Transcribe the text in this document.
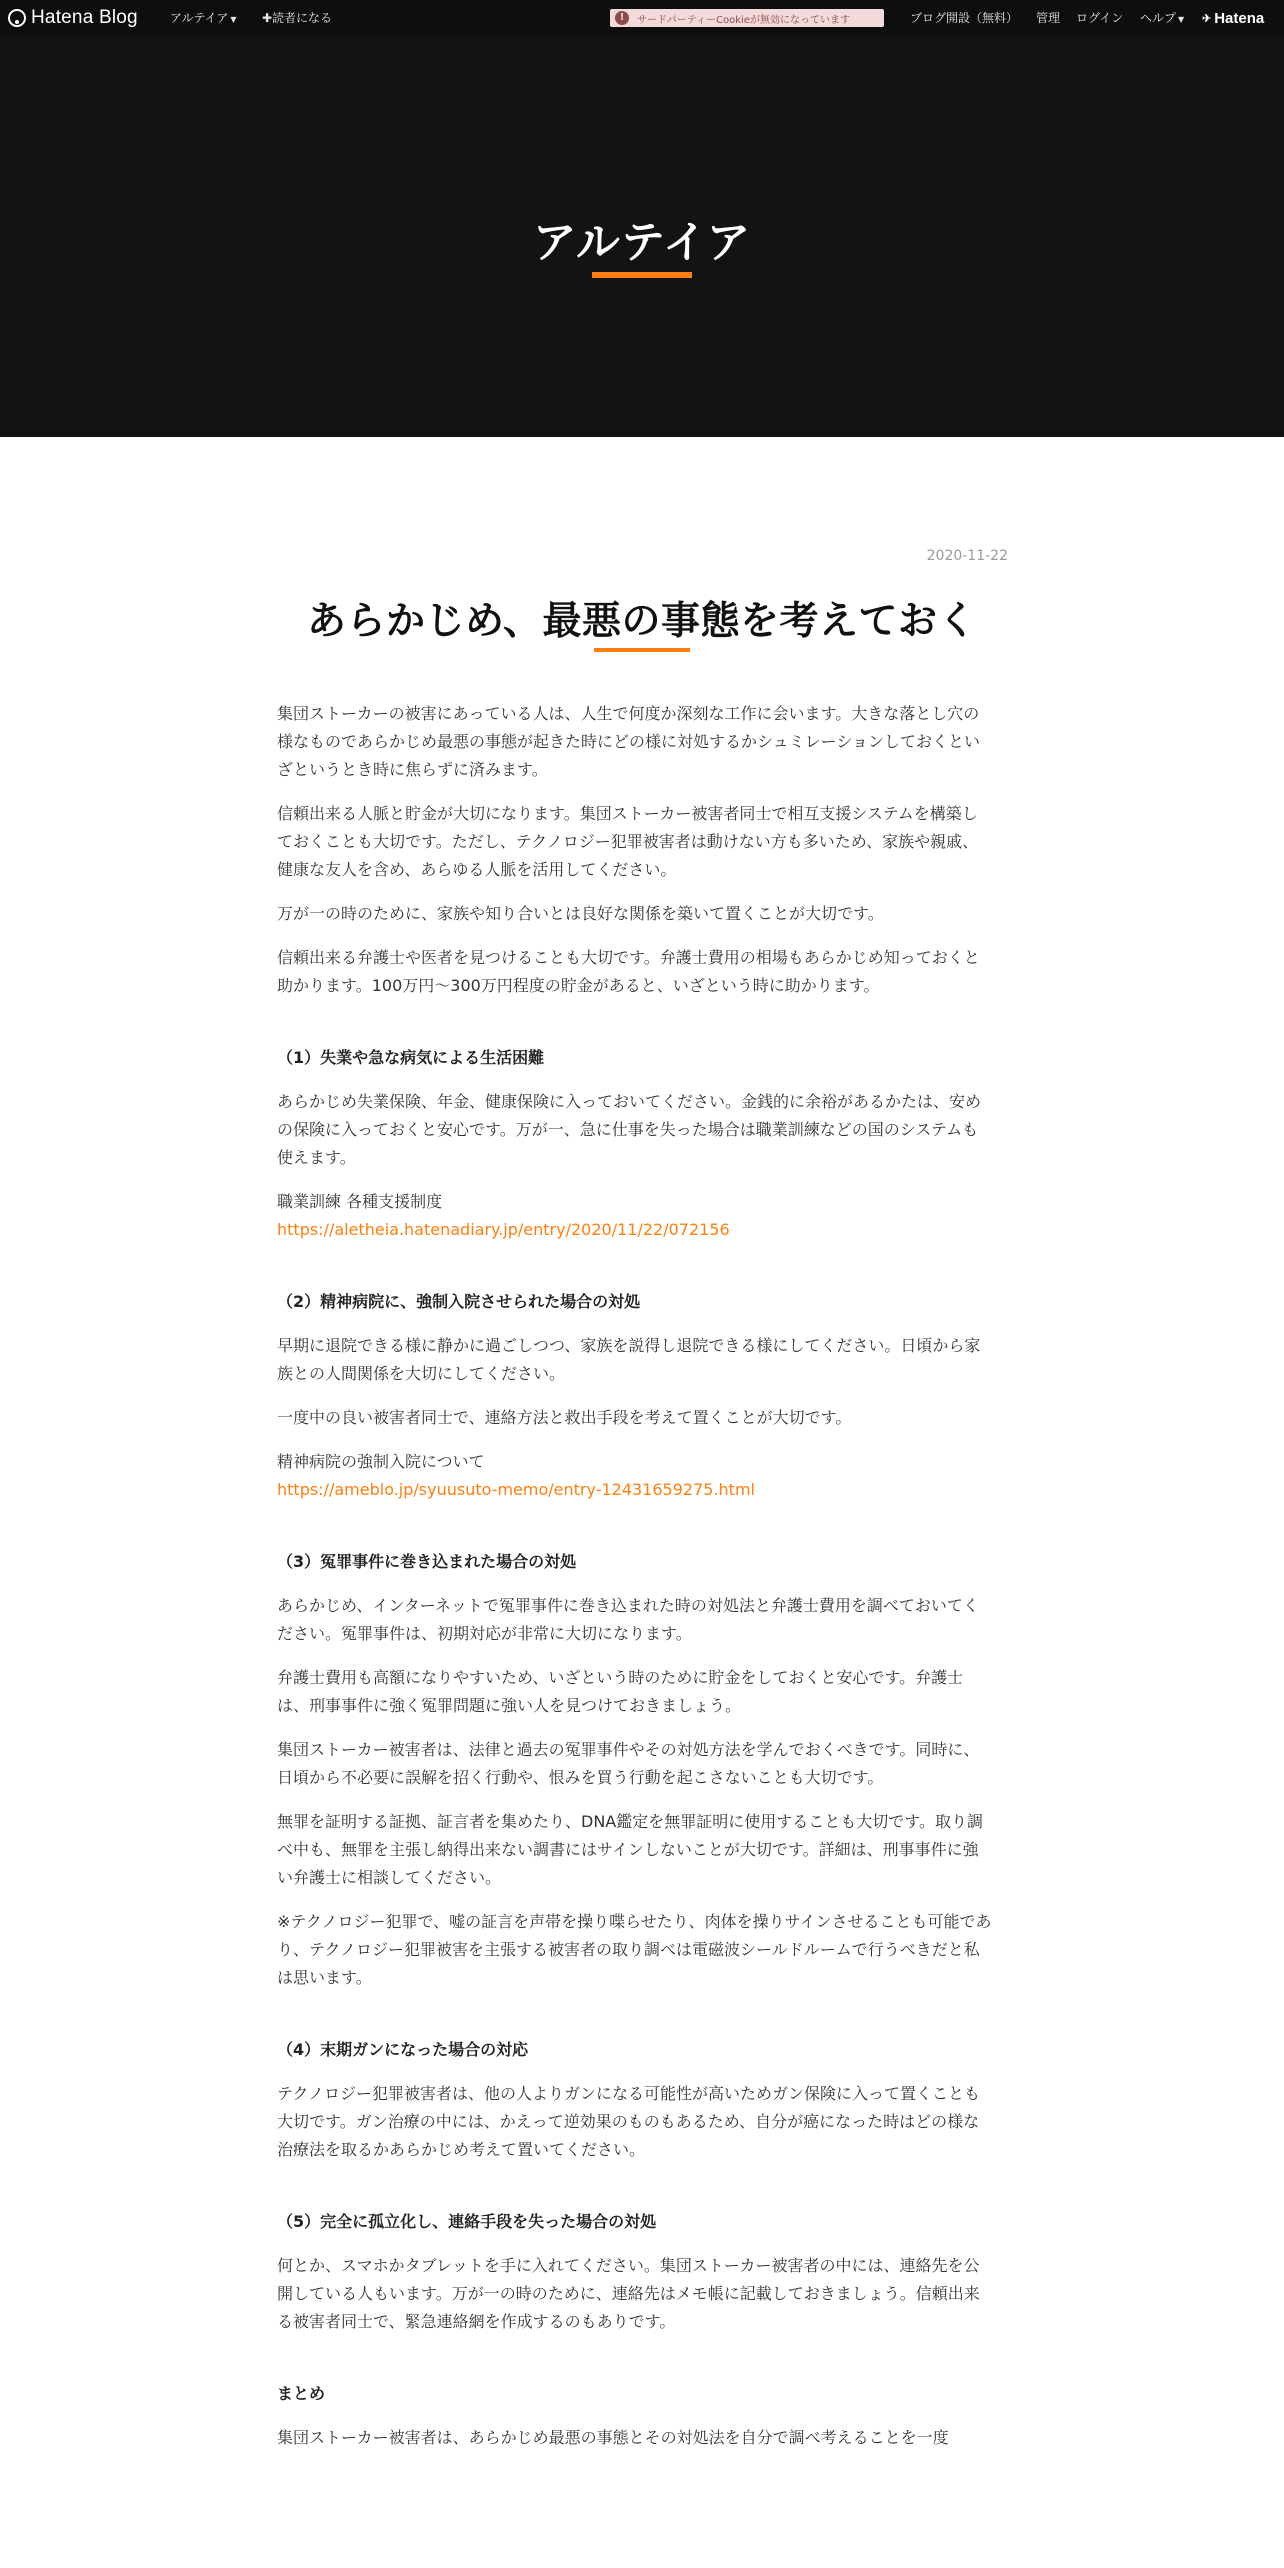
Hatena Blog	アルテイア ▼ ✚読者になる	!	サードパーティーCookieが無効になっています	ブログ開設（無料） 管理 ログイン ヘルプ ▼ ✈ Hatena
アルテイア
2020-11-22
あらかじめ、最悪の事態を考えておく

集団ストーカーの被害にあっている人は、人生で何度か深刻な工作に会います。大きな落とし穴の様なものであらかじめ最悪の事態が起きた時にどの様に対処するかシュミレーションしておくといざというとき時に焦らずに済みます。

信頼出来る人脈と貯金が大切になります。集団ストーカー被害者同士で相互支援システムを構築しておくことも大切です。ただし、テクノロジー犯罪被害者は動けない方も多いため、家族や親戚、健康な友人を含め、あらゆる人脈を活用してください。

万が一の時のために、家族や知り合いとは良好な関係を築いて置くことが大切です。

信頼出来る弁護士や医者を見つけることも大切です。弁護士費用の相場もあらかじめ知っておくと助かります。100万円～300万円程度の貯金があると、いざという時に助かります。

（1）失業や急な病気による生活困難

あらかじめ失業保険、年金、健康保険に入っておいてください。金銭的に余裕があるかたは、安めの保険に入っておくと安心です。万が一、急に仕事を失った場合は職業訓練などの国のシステムも使えます。

職業訓練 各種支援制度
https://aletheia.hatenadiary.jp/entry/2020/11/22/072156

（2）精神病院に、強制入院させられた場合の対処

早期に退院できる様に静かに過ごしつつ、家族を説得し退院できる様にしてください。日頃から家族との人間関係を大切にしてください。

一度中の良い被害者同士で、連絡方法と救出手段を考えて置くことが大切です。

精神病院の強制入院について
https://ameblo.jp/syuusuto-memo/entry-12431659275.html

（3）冤罪事件に巻き込まれた場合の対処

あらかじめ、インターネットで冤罪事件に巻き込まれた時の対処法と弁護士費用を調べておいてください。冤罪事件は、初期対応が非常に大切になります。

弁護士費用も高額になりやすいため、いざという時のために貯金をしておくと安心です。弁護士は、刑事事件に強く冤罪問題に強い人を見つけておきましょう。

集団ストーカー被害者は、法律と過去の冤罪事件やその対処方法を学んでおくべきです。同時に、日頃から不必要に誤解を招く行動や、恨みを買う行動を起こさないことも大切です。

無罪を証明する証拠、証言者を集めたり、DNA鑑定を無罪証明に使用することも大切です。取り調べ中も、無罪を主張し納得出来ない調書にはサインしないことが大切です。詳細は、刑事事件に強い弁護士に相談してください。

※テクノロジー犯罪で、嘘の証言を声帯を操り喋らせたり、肉体を操りサインさせることも可能であり、テクノロジー犯罪被害を主張する被害者の取り調べは電磁波シールドルームで行うべきだと私は思います。

（4）末期ガンになった場合の対応

テクノロジー犯罪被害者は、他の人よりガンになる可能性が高いためガン保険に入って置くことも大切です。ガン治療の中には、かえって逆効果のものもあるため、自分が癌になった時はどの様な治療法を取るかあらかじめ考えて置いてください。

（5）完全に孤立化し、連絡手段を失った場合の対処

何とか、スマホかタブレットを手に入れてください。集団ストーカー被害者の中には、連絡先を公開している人もいます。万が一の時のために、連絡先はメモ帳に記載しておきましょう。信頼出来る被害者同士で、緊急連絡網を作成するのもありです。

まとめ

集団ストーカー被害者は、あらかじめ最悪の事態とその対処法を自分で調べ考えることを一度
